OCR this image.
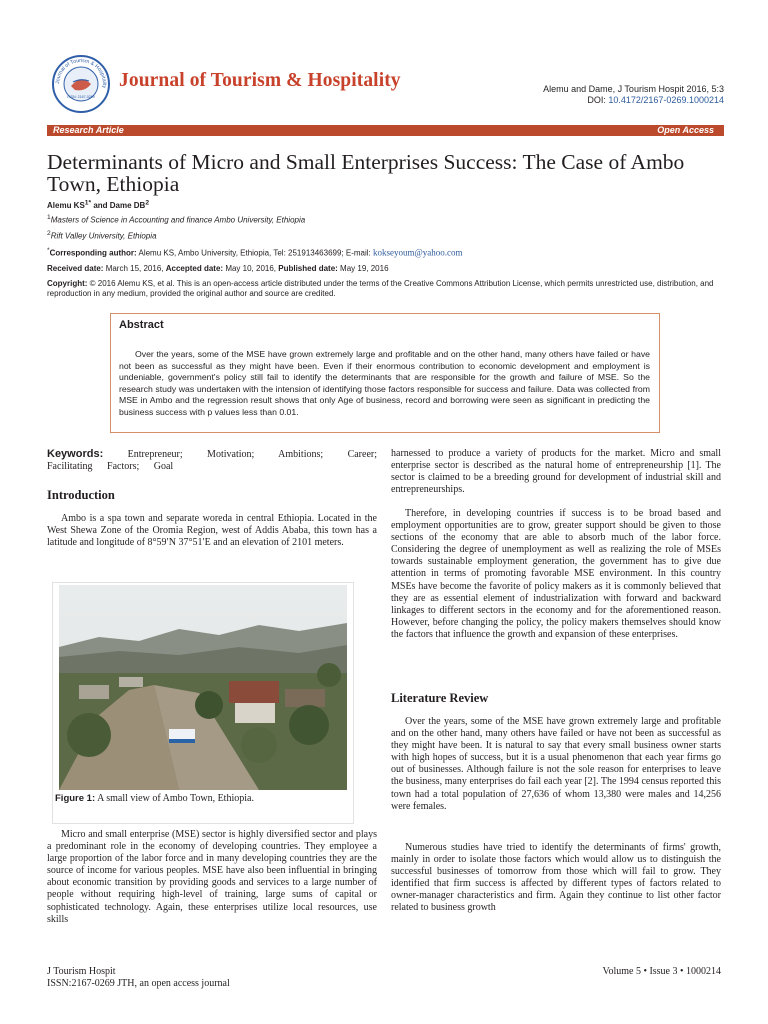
Journal of Tourism & Hospitality
ISSN: 2167-0269
Journal of Tourism & Hospitality	Alemu and Dame, J Tourism Hospit 2016, 5:3
DOI: 10.4172/2167-0269.1000214
Research Article	Open Access
Determinants of Micro and Small Enterprises Success: The Case of Ambo Town, Ethiopia
Alemu $KS^{1*}$ and Dame $DB^2$
$^1$Masters of Science in Accounting and finance Ambo University, Ethiopia
$^2$Rift Valley University, Ethiopia
*Corresponding author: Alemu KS, Ambo University, Ethiopia, Tel: 251913463699; E-mail: kokseyoum@yahoo.com
Received date: March 15, 2016, Accepted date: May 10, 2016, Published date: May 19, 2016
Copyright: © 2016 Alemu KS, et al. This is an open-access article distributed under the terms of the Creative Commons Attribution License, which permits unrestricted use, distribution, and reproduction in any medium, provided the original author and source are credited.
Abstract
Over the years, some of the MSE have grown extremely large and profitable and on the other hand, many others have failed or have not been as successful as they might have been. Even if their enormous contribution to economic development and employment is undeniable, government's policy still fail to identify the determinants that are responsible for the growth and failure of MSE. So the research study was undertaken with the intension of identifying those factors responsible for success and failure. Data was collected from MSE in Ambo and the regression result shows that only Age of business, record and borrowing were seen as significant in predicting the business success with p values less than 0.01.

Keywords: Entrepreneur; Motivation; Ambitions; Career; Facilitating Factors; Goal

Introduction

Ambo is a spa town and separate woreda in central Ethiopia. Located in the West Shewa Zone of the Oromia Region, west of Addis Ababa, this town has a latitude and longitude of 8°59′N 37°51′E and an elevation of 2101 meters.

Figure 1: A small view of Ambo Town, Ethiopia.

Micro and small enterprise (MSE) sector is highly diversified sector and plays a predominant role in the economy of developing countries. They employee a large proportion of the labor force and in many developing countries they are the source of income for various peoples. MSE have also been influential in bringing about economic transition by providing goods and services to a large number of people without requiring high-level of training, large sums of capital or sophisticated technology. Again, these enterprises utilize local resources, use skills

harnessed to produce a variety of products for the market. Micro and small enterprise sector is described as the natural home of entrepreneurship [1]. The sector is claimed to be a breeding ground for development of industrial skill and entrepreneurships.

Therefore, in developing countries if success is to be broad based and employment opportunities are to grow, greater support should be given to those sections of the economy that are able to absorb much of the labor force. Considering the degree of unemployment as well as realizing the role of MSEs towards sustainable employment generation, the government has to give due attention in terms of promoting favorable MSE environment. In this country MSEs have become the favorite of policy makers as it is commonly believed that they are as essential element of industrialization with forward and backward linkages to different sectors in the economy and for the aforementioned reason. However, before changing the policy, the policy makers themselves should know the factors that influence the growth and expansion of these enterprises.

Literature Review

Over the years, some of the MSE have grown extremely large and profitable and on the other hand, many others have failed or have not been as successful as they might have been. It is natural to say that every small business owner starts with high hopes of success, but it is a usual phenomenon that each year firms go out of businesses. Although failure is not the sole reason for enterprises to leave the business, many enterprises do fail each year [2]. The 1994 census reported this town had a total population of 27,636 of whom 13,380 were males and 14,256 were females.

Numerous studies have tried to identify the determinants of firms' growth, mainly in order to isolate those factors which would allow us to distinguish the successful businesses of tomorrow from those which will fail to grow. They identified that firm success is affected by different types of factors related to owner-manager characteristics and firm. Again they continue to list other factor related to business growth

J Tourism Hospit
ISSN:2167-0269 JTH, an open access journal
Volume 5 • Issue 3 • 1000214
